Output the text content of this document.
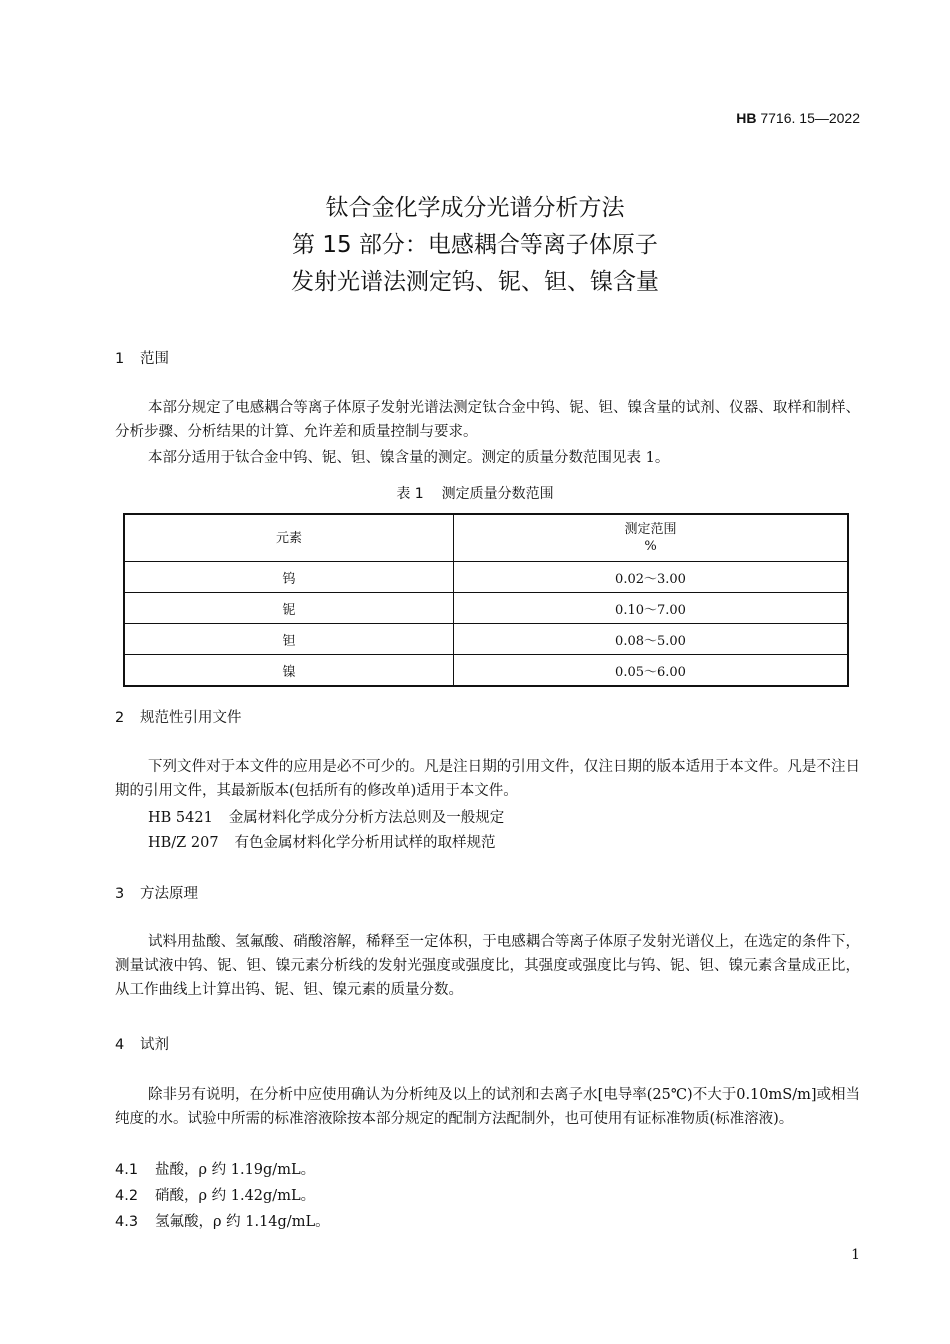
HB 7716. 15—2022
钛合金化学成分光谱分析方法
第 15 部分：电感耦合等离子体原子
发射光谱法测定钨、铌、钽、镍含量
1 范围
本部分规定了电感耦合等离子体原子发射光谱法测定钛合金中钨、铌、钽、镍含量的试剂、仪器、取样和制样、分析步骤、分析结果的计算、允许差和质量控制与要求。
本部分适用于钛合金中钨、铌、钽、镍含量的测定。测定的质量分数范围见表 1。
表 1 测定质量分数范围
元素	测定范围
%

钨	0.02～3.00
铌	0.10～7.00
钽	0.08～5.00
镍	0.05～6.00
2 规范性引用文件
下列文件对于本文件的应用是必不可少的。凡是注日期的引用文件，仅注日期的版本适用于本文件。凡是不注日期的引用文件，其最新版本(包括所有的修改单)适用于本文件。
HB 5421 金属材料化学成分分析方法总则及一般规定
HB/Z 207 有色金属材料化学分析用试样的取样规范
3 方法原理
试料用盐酸、氢氟酸、硝酸溶解，稀释至一定体积，于电感耦合等离子体原子发射光谱仪上，在选定的条件下，测量试液中钨、铌、钽、镍元素分析线的发射光强度或强度比，其强度或强度比与钨、铌、钽、镍元素含量成正比，从工作曲线上计算出钨、铌、钽、镍元素的质量分数。
4 试剂
除非另有说明，在分析中应使用确认为分析纯及以上的试剂和去离子水[电导率(25℃)不大于0.10mS/m]或相当纯度的水。试验中所需的标准溶液除按本部分规定的配制方法配制外，也可使用有证标准物质(标准溶液)。
4.1 盐酸，ρ 约 1.19g/mL。
4.2 硝酸，ρ 约 1.42g/mL。
4.3 氢氟酸，ρ 约 1.14g/mL。
1
